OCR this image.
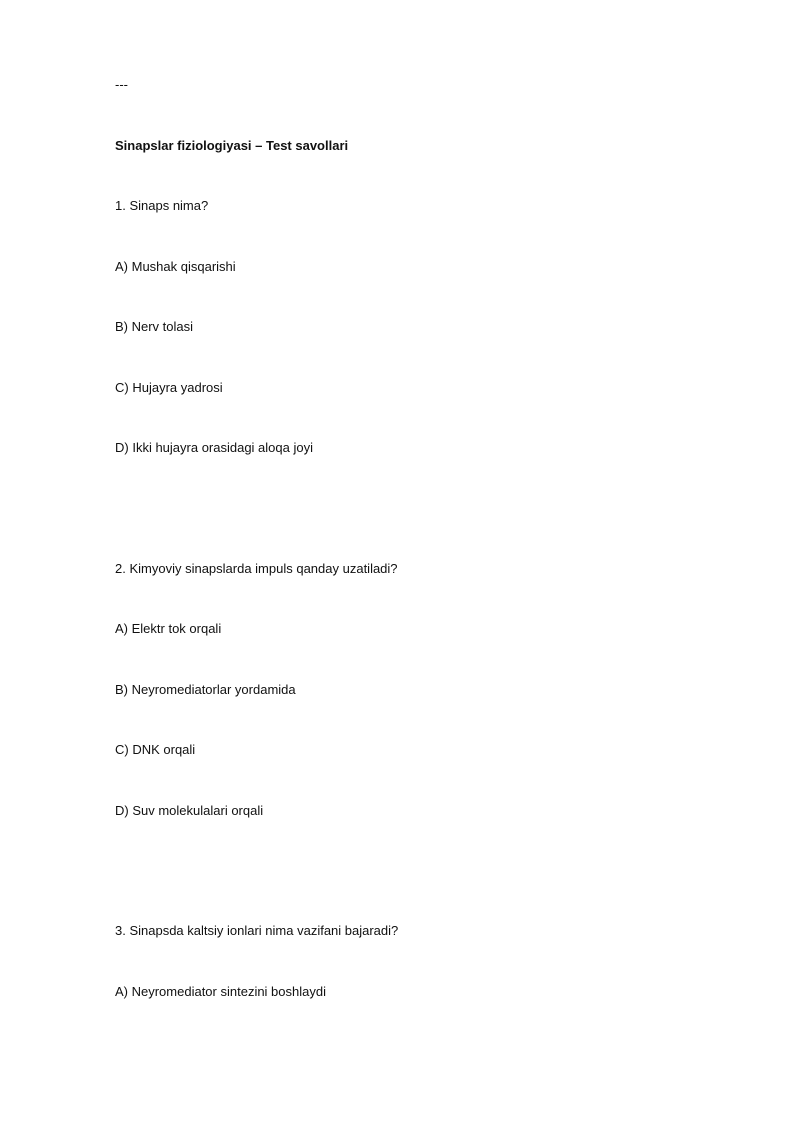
---
Sinapslar fiziologiyasi – Test savollari
1. Sinaps nima?
A) Mushak qisqarishi
B) Nerv tolasi
C) Hujayra yadrosi
D) Ikki hujayra orasidagi aloqa joyi
2. Kimyoviy sinapslarda impuls qanday uzatiladi?
A) Elektr tok orqali
B) Neyromediatorlar yordamida
C) DNK orqali
D) Suv molekulalari orqali
3. Sinapsda kaltsiy ionlari nima vazifani bajaradi?
A) Neyromediator sintezini boshlaydi
